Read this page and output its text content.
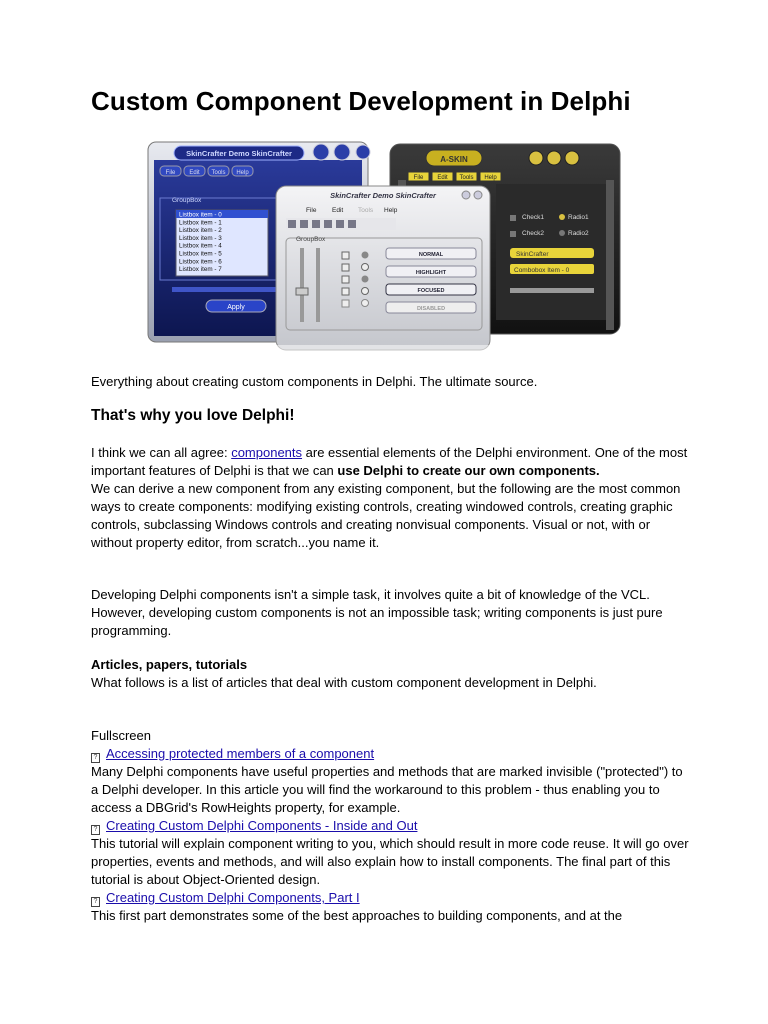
Custom Component Development in Delphi
SkinCrafter Demo SkinCrafter
File Edit Tools Help
GroupBox
Listbox item - 0
Listbox item - 1
Listbox item - 2
Listbox item - 3
Listbox item - 4
Listbox item - 5
Listbox item - 6
Listbox item - 7
Apply
A-SKIN
File Edit Tools Help
Check1	Radio1
Check2	Radio2
SkinCrafter
Combobox Item - 0
SkinCrafter Demo SkinCrafter
File Edit Tools Help
GroupBox
NORMAL
HIGHLIGHT
FOCUSED
DISABLED
Everything about creating custom components in Delphi. The ultimate source.
That's why you love Delphi!
I think we can all agree: components are essential elements of the Delphi environment. One of the most important features of Delphi is that we can use Delphi to create our own components.
We can derive a new component from any existing component, but the following are the most common ways to create components: modifying existing controls, creating windowed controls, creating graphic controls, subclassing Windows controls and creating nonvisual components. Visual or not, with or without property editor, from scratch...you name it.
Developing Delphi components isn't a simple task, it involves quite a bit of knowledge of the VCL. However, developing custom components is not an impossible task; writing components is just pure programming.
Articles, papers, tutorials
What follows is a list of articles that deal with custom component development in Delphi.
Fullscreen
? Accessing protected members of a component
Many Delphi components have useful properties and methods that are marked invisible ("protected") to a Delphi developer. In this article you will find the workaround to this problem - thus enabling you to access a DBGrid's RowHeights property, for example.
? Creating Custom Delphi Components - Inside and Out
This tutorial will explain component writing to you, which should result in more code reuse. It will go over properties, events and methods, and will also explain how to install components. The final part of this tutorial is about Object-Oriented design.
? Creating Custom Delphi Components, Part I
This first part demonstrates some of the best approaches to building components, and at the
